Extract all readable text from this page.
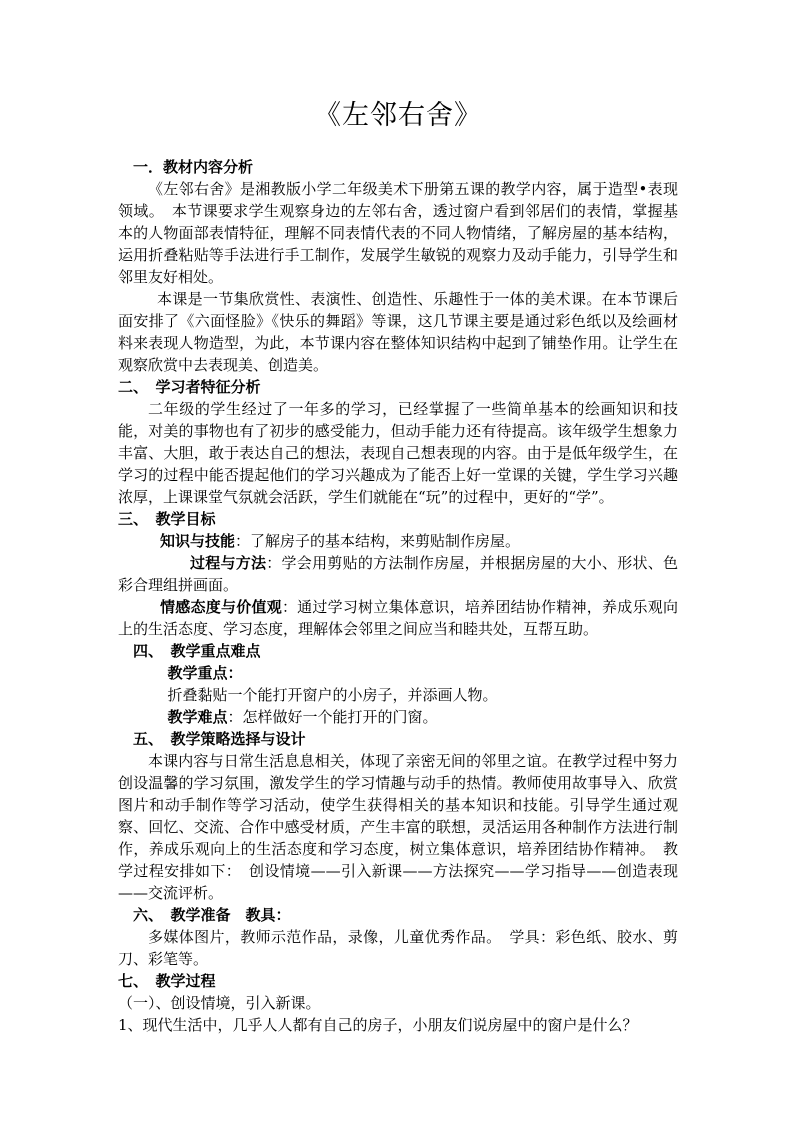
《左邻右舍》

一．教材内容分析

《左邻右舍》是湘教版小学二年级美术下册第五课的教学内容，属于造型•表现领域。　本节课要求学生观察身边的左邻右舍，透过窗户看到邻居们的表情，掌握基本的人物面部表情特征，理解不同表情代表的不同人物情绪，了解房屋的基本结构，运用折叠粘贴等手法进行手工制作，发展学生敏锐的观察力及动手能力，引导学生和邻里友好相处。

本课是一节集欣赏性、表演性、创造性、乐趣性于一体的美术课。在本节课后面安排了《六面怪脸》《快乐的舞蹈》等课，这几节课主要是通过彩色纸以及绘画材料来表现人物造型，为此，本节课内容在整体知识结构中起到了铺垫作用。让学生在观察欣赏中去表现美、创造美。

二、　学习者特征分析

二年级的学生经过了一年多的学习，已经掌握了一些简单基本的绘画知识和技能，对美的事物也有了初步的感受能力，但动手能力还有待提高。该年级学生想象力丰富、大胆，敢于表达自己的想法，表现自己想表现的内容。由于是低年级学生，在学习的过程中能否提起他们的学习兴趣成为了能否上好一堂课的关键，学生学习兴趣浓厚，上课课堂气氛就会活跃，学生们就能在“玩”的过程中，更好的“学”。

三、　教学目标

知识与技能：了解房子的基本结构，来剪贴制作房屋。

过程与方法：学会用剪贴的方法制作房屋，并根据房屋的大小、形状、色彩合理组拼画面。

情感态度与价值观：通过学习树立集体意识，培养团结协作精神，养成乐观向上的生活态度、学习态度，理解体会邻里之间应当和睦共处，互帮互助。

四、　教学重点难点

教学重点：

折叠黏贴一个能打开窗户的小房子，并添画人物。

教学难点：怎样做好一个能打开的门窗。

五、　教学策略选择与设计

本课内容与日常生活息息相关，体现了亲密无间的邻里之谊。在教学过程中努力创设温馨的学习氛围，激发学生的学习情趣与动手的热情。教师使用故事导入、欣赏图片和动手制作等学习活动，使学生获得相关的基本知识和技能。引导学生通过观察、回忆、交流、合作中感受材质，产生丰富的联想，灵活运用各种制作方法进行制作，养成乐观向上的生活态度和学习态度，树立集体意识，培养团结协作精神。　教学过程安排如下：　创设情境——引入新课——方法探究——学习指导——创造表现——交流评析。

六、　教学准备　教具：

多媒体图片，教师示范作品，录像，儿童优秀作品。　学具：彩色纸、胶水、剪刀、彩笔等。

七、　教学过程

（一）、创设情境，引入新课。

1、现代生活中，几乎人人都有自己的房子，小朋友们说房屋中的窗户是什么？
